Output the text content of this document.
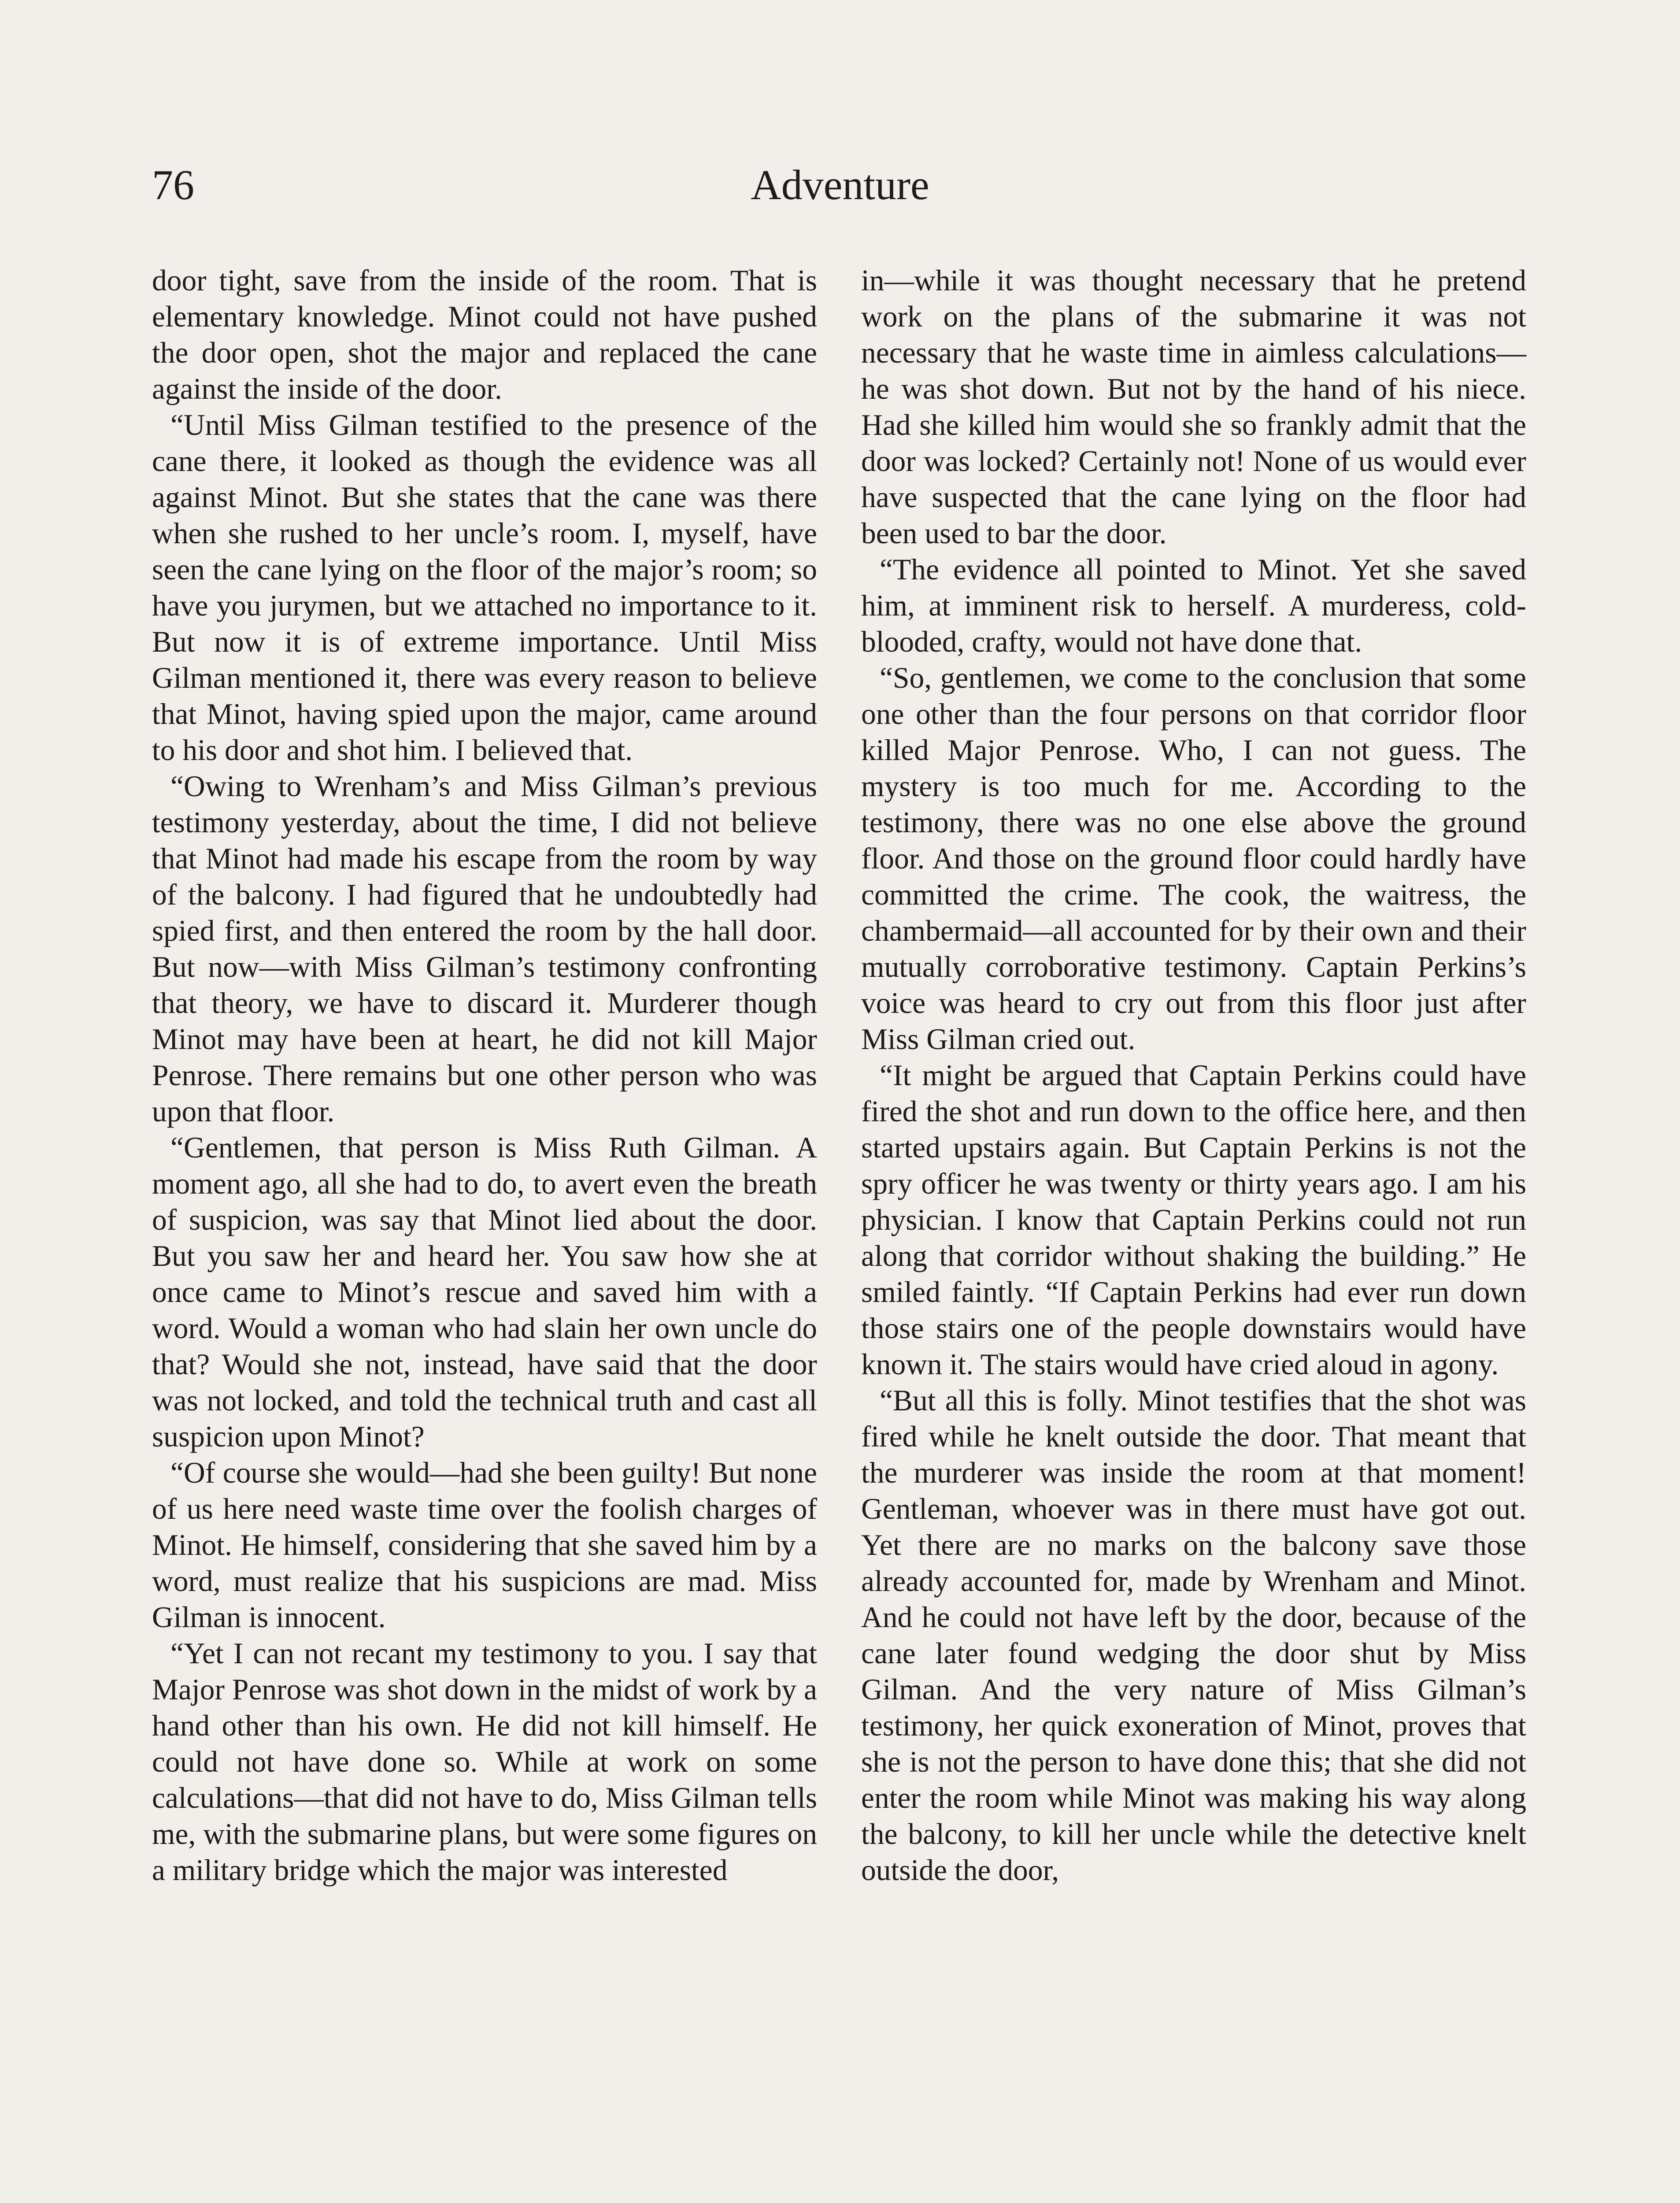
76	Adventure

door tight, save from the inside of the room. That is elementary knowledge. Minot could not have pushed the door open, shot the major and replaced the cane against the inside of the door.

“Until Miss Gilman testified to the presence of the cane there, it looked as though the evidence was all against Minot. But she states that the cane was there when she rushed to her uncle’s room. I, myself, have seen the cane lying on the floor of the major’s room; so have you jurymen, but we attached no importance to it. But now it is of extreme importance. Until Miss Gilman mentioned it, there was every reason to believe that Minot, having spied upon the major, came around to his door and shot him. I believed that.

“Owing to Wrenham’s and Miss Gilman’s previous testimony yesterday, about the time, I did not believe that Minot had made his escape from the room by way of the balcony. I had figured that he undoubtedly had spied first, and then entered the room by the hall door. But now—with Miss Gilman’s testimony confronting that theory, we have to discard it. Murderer though Minot may have been at heart, he did not kill Major Penrose. There remains but one other person who was upon that floor.

“Gentlemen, that person is Miss Ruth Gilman. A moment ago, all she had to do, to avert even the breath of suspicion, was say that Minot lied about the door. But you saw her and heard her. You saw how she at once came to Minot’s rescue and saved him with a word. Would a woman who had slain her own uncle do that? Would she not, instead, have said that the door was not locked, and told the technical truth and cast all suspicion upon Minot?

“Of course she would—had she been guilty! But none of us here need waste time over the foolish charges of Minot. He himself, considering that she saved him by a word, must realize that his suspicions are mad. Miss Gilman is innocent.

“Yet I can not recant my testimony to you. I say that Major Penrose was shot down in the midst of work by a hand other than his own. He did not kill himself. He could not have done so. While at work on some calculations—that did not have to do, Miss Gilman tells me, with the submarine plans, but were some figures on a military bridge which the major was interested

in—while it was thought necessary that he pretend work on the plans of the submarine it was not necessary that he waste time in aimless calculations—he was shot down. But not by the hand of his niece. Had she killed him would she so frankly admit that the door was locked? Certainly not! None of us would ever have suspected that the cane lying on the floor had been used to bar the door.

“The evidence all pointed to Minot. Yet she saved him, at imminent risk to herself. A murderess, cold-blooded, crafty, would not have done that.

“So, gentlemen, we come to the conclusion that some one other than the four persons on that corridor floor killed Major Penrose. Who, I can not guess. The mystery is too much for me. According to the testimony, there was no one else above the ground floor. And those on the ground floor could hardly have committed the crime. The cook, the waitress, the chambermaid—all accounted for by their own and their mutually corroborative testimony. Captain Perkins’s voice was heard to cry out from this floor just after Miss Gilman cried out.

“It might be argued that Captain Perkins could have fired the shot and run down to the office here, and then started upstairs again. But Captain Perkins is not the spry officer he was twenty or thirty years ago. I am his physician. I know that Captain Perkins could not run along that corridor without shaking the building.” He smiled faintly. “If Captain Perkins had ever run down those stairs one of the people downstairs would have known it. The stairs would have cried aloud in agony.

“But all this is folly. Minot testifies that the shot was fired while he knelt outside the door. That meant that the murderer was inside the room at that moment! Gentleman, whoever was in there must have got out. Yet there are no marks on the balcony save those already accounted for, made by Wrenham and Minot. And he could not have left by the door, because of the cane later found wedging the door shut by Miss Gilman. And the very nature of Miss Gilman’s testimony, her quick exoneration of Minot, proves that she is not the person to have done this; that she did not enter the room while Minot was making his way along the balcony, to kill her uncle while the detective knelt outside the door,
